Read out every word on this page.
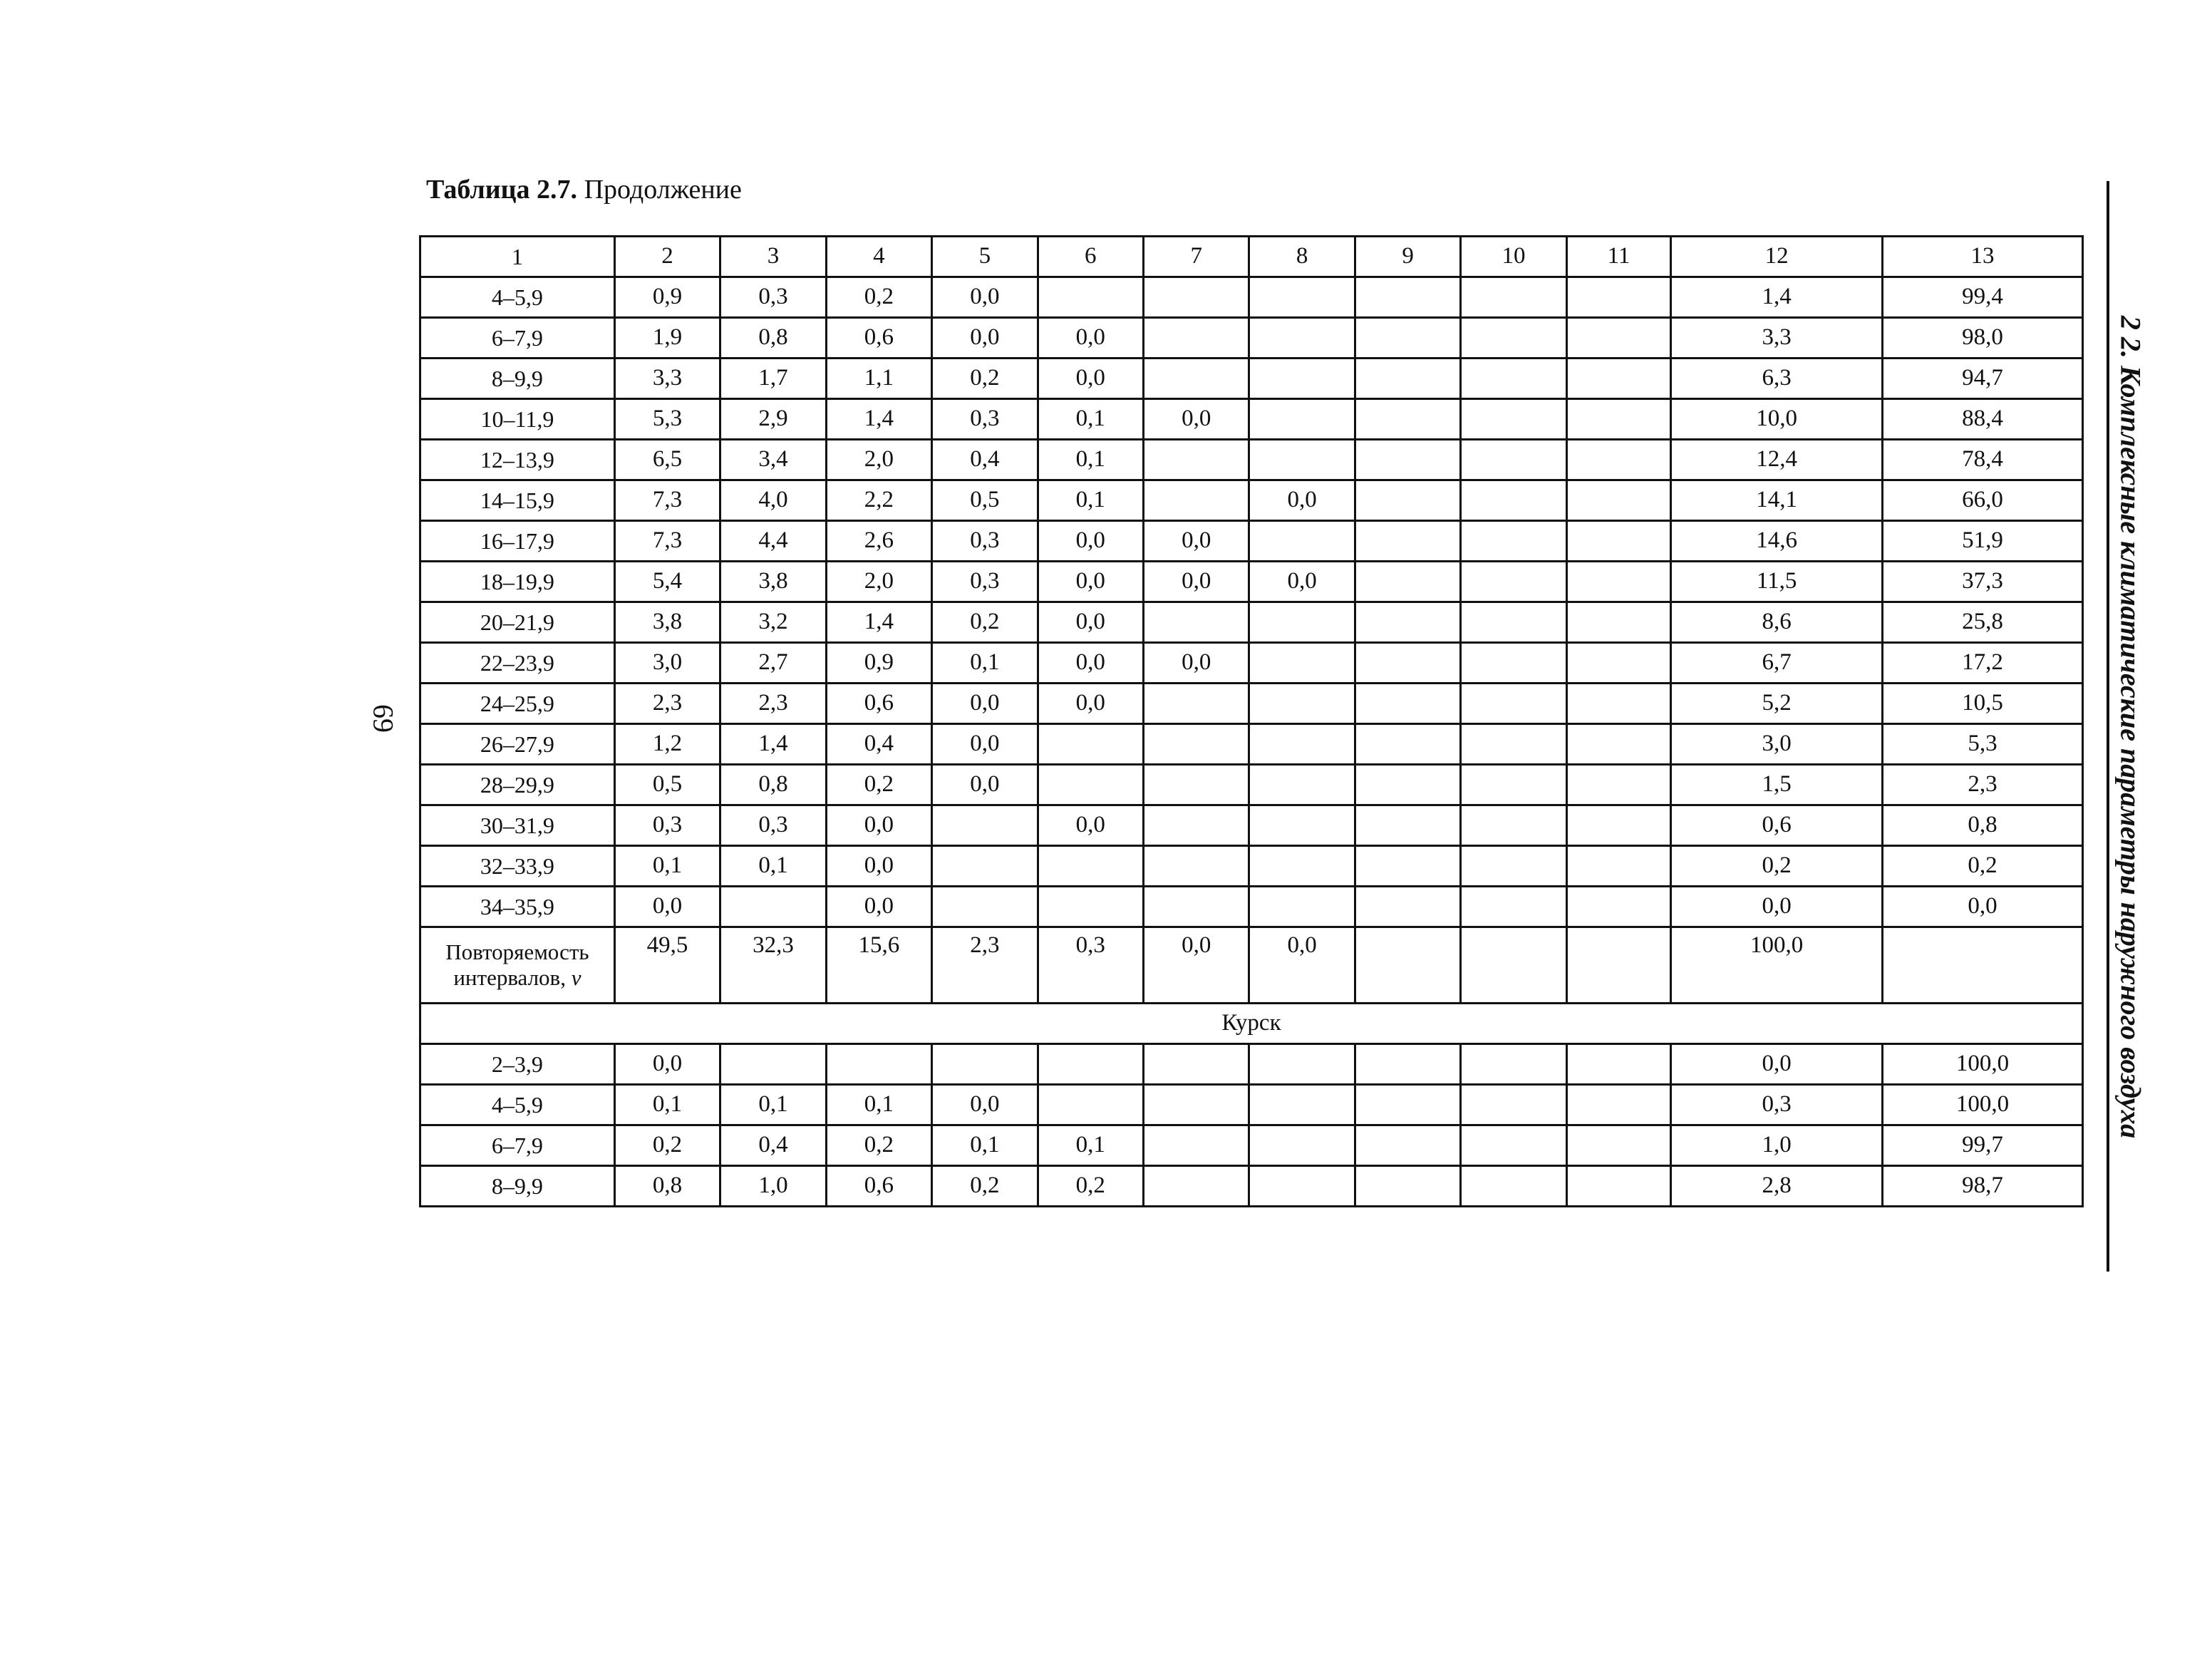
Таблица 2.7. Продолжение
69	2 2. Комплексные климатические параметры наружного воздуха
1	2	3	4	5	6	7	8	9	10	11	12	13
4–5,9	0,9	0,3	0,2	0,0							1,4	99,4
6–7,9	1,9	0,8	0,6	0,0	0,0						3,3	98,0
8–9,9	3,3	1,7	1,1	0,2	0,0						6,3	94,7
10–11,9	5,3	2,9	1,4	0,3	0,1	0,0					10,0	88,4
12–13,9	6,5	3,4	2,0	0,4	0,1						12,4	78,4
14–15,9	7,3	4,0	2,2	0,5	0,1		0,0				14,1	66,0
16–17,9	7,3	4,4	2,6	0,3	0,0	0,0					14,6	51,9
18–19,9	5,4	3,8	2,0	0,3	0,0	0,0	0,0				11,5	37,3
20–21,9	3,8	3,2	1,4	0,2	0,0						8,6	25,8
22–23,9	3,0	2,7	0,9	0,1	0,0	0,0					6,7	17,2
24–25,9	2,3	2,3	0,6	0,0	0,0						5,2	10,5
26–27,9	1,2	1,4	0,4	0,0							3,0	5,3
28–29,9	0,5	0,8	0,2	0,0							1,5	2,3
30–31,9	0,3	0,3	0,0		0,0						0,6	0,8
32–33,9	0,1	0,1	0,0								0,2	0,2
34–35,9	0,0		0,0								0,0	0,0
Повторяемость
интервалов, v	49,5	32,3	15,6	2,3	0,3	0,0	0,0				100,0	
Курск												
2–3,9	0,0										0,0	100,0
4–5,9	0,1	0,1	0,1	0,0							0,3	100,0
6–7,9	0,2	0,4	0,2	0,1	0,1						1,0	99,7
8–9,9	0,8	1,0	0,6	0,2	0,2						2,8	98,7
